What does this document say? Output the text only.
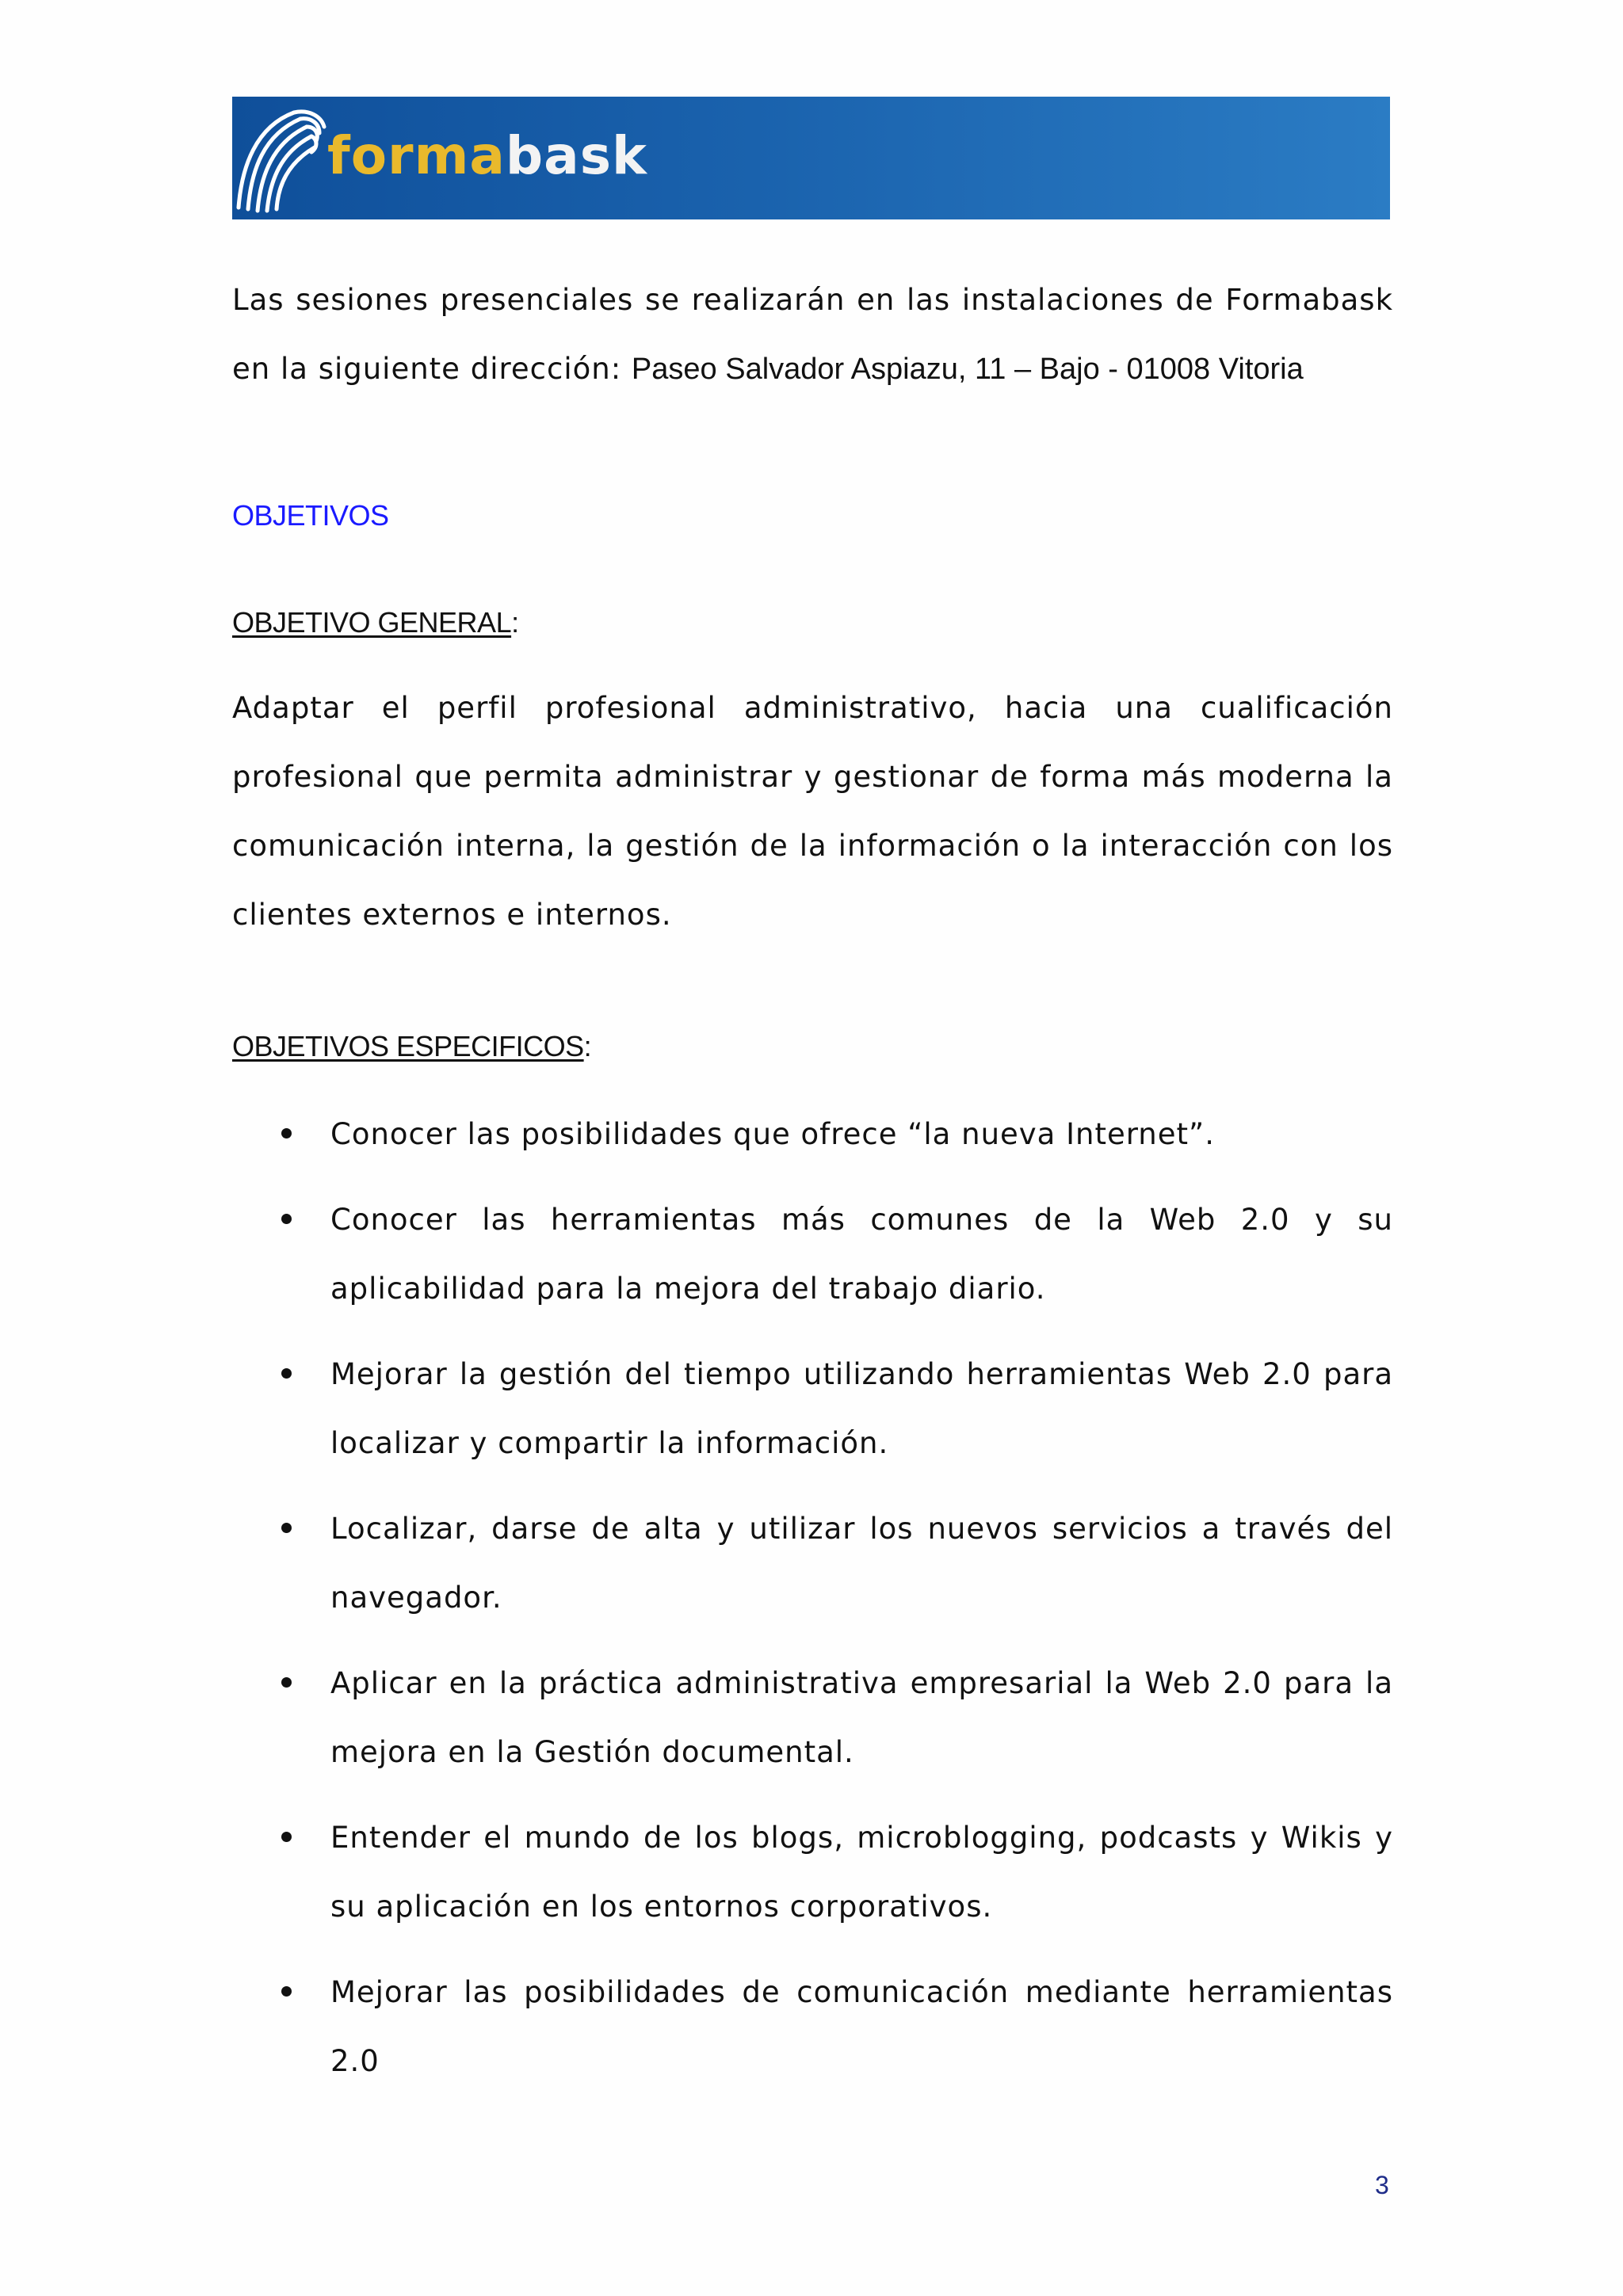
formabask
Las sesiones presenciales se realizarán en las instalaciones de Formabask en la siguiente dirección: Paseo Salvador Aspiazu, 11 – Bajo - 01008 Vitoria
OBJETIVOS
OBJETIVO GENERAL:
Adaptar el perfil profesional administrativo, hacia una cualificación profesional que permita administrar y gestionar de forma más moderna la comunicación interna, la gestión de la información o la interacción con los clientes externos e internos.
OBJETIVOS ESPECIFICOS:
Conocer las posibilidades que ofrece “la nueva Internet”.
Conocer las herramientas más comunes de la Web 2.0 y su aplicabilidad para la mejora del trabajo diario.
Mejorar la gestión del tiempo utilizando herramientas Web 2.0 para localizar y compartir la información.
Localizar, darse de alta y utilizar los nuevos servicios a través del navegador.
Aplicar en la práctica administrativa empresarial la Web 2.0 para la mejora en la Gestión documental.
Entender el mundo de los blogs, microblogging, podcasts y Wikis y su aplicación en los entornos corporativos.
Mejorar las posibilidades de comunicación mediante herramientas 2.0
3
